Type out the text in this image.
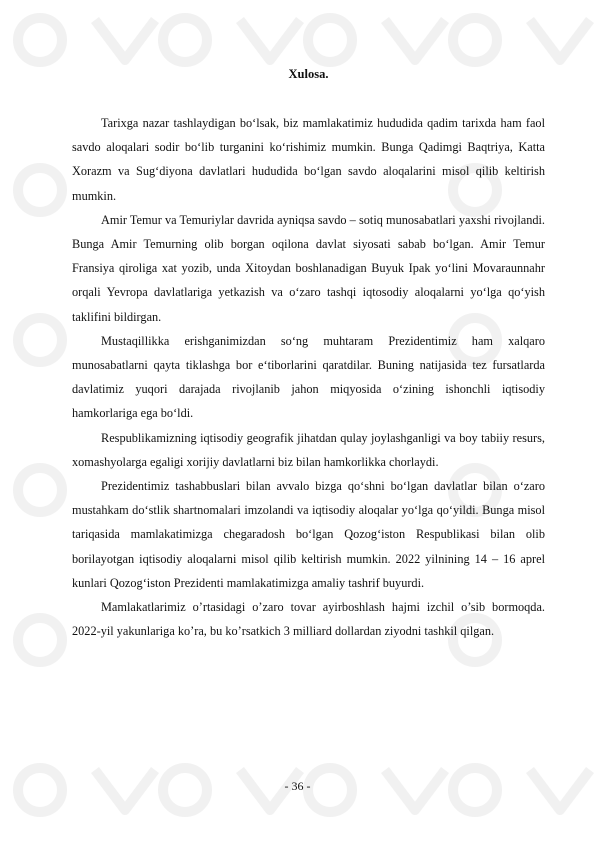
Xulosa.

Tarixga nazar tashlaydigan bo‘lsak, biz mamlakatimiz hududida qadim tarixda ham faol savdo aloqalari sodir bo‘lib turganini ko‘rishimiz mumkin. Bunga Qadimgi Baqtriya, Katta Xorazm va Sug‘diyona davlatlari hududida bo‘lgan savdo aloqalarini misol qilib keltirish mumkin.

Amir Temur va Temuriylar davrida ayniqsa savdo – sotiq munosabatlari yaxshi rivojlandi. Bunga Amir Temurning olib borgan oqilona davlat siyosati sabab bo‘lgan. Amir Temur Fransiya qiroliga xat yozib, unda Xitoydan boshlanadigan Buyuk Ipak yo‘lini Movaraunnahr orqali Yevropa davlatlariga yetkazish va o‘zaro tashqi iqtosodiy aloqalarni yo‘lga qo‘yish taklifini bildirgan.

Mustaqillikka erishganimizdan so‘ng muhtaram Prezidentimiz ham xalqaro munosabatlarni qayta tiklashga bor e‘tiborlarini qaratdilar. Buning natijasida tez fursatlarda davlatimiz yuqori darajada rivojlanib jahon miqyosida o‘zining ishonchli iqtisodiy hamkorlariga ega bo‘ldi.

Respublikamizning iqtisodiy geografik jihatdan qulay joylashganligi va boy tabiiy resurs, xomashyolarga egaligi xorijiy davlatlarni biz bilan hamkorlikka chorlaydi.

Prezidentimiz tashabbuslari bilan avvalo bizga qo‘shni bo‘lgan davlatlar bilan o‘zaro mustahkam do‘stlik shartnomalari imzolandi va iqtisodiy aloqalar yo‘lga qo‘yildi. Bunga misol tariqasida mamlakatimizga chegaradosh bo‘lgan Qozog‘iston Respublikasi bilan olib borilayotgan iqtisodiy aloqalarni misol qilib keltirish mumkin. 2022 yilnining 14 – 16 aprel kunlari Qozog‘iston Prezidenti mamlakatimizga amaliy tashrif buyurdi.

Mamlakatlarimiz o’rtasidagi o’zaro tovar ayirboshlash hajmi izchil o’sib bormoqda. 2022-yil yakunlariga ko’ra, bu ko’rsatkich 3 milliard dollardan ziyodni tashkil qilgan.

- 36 -
